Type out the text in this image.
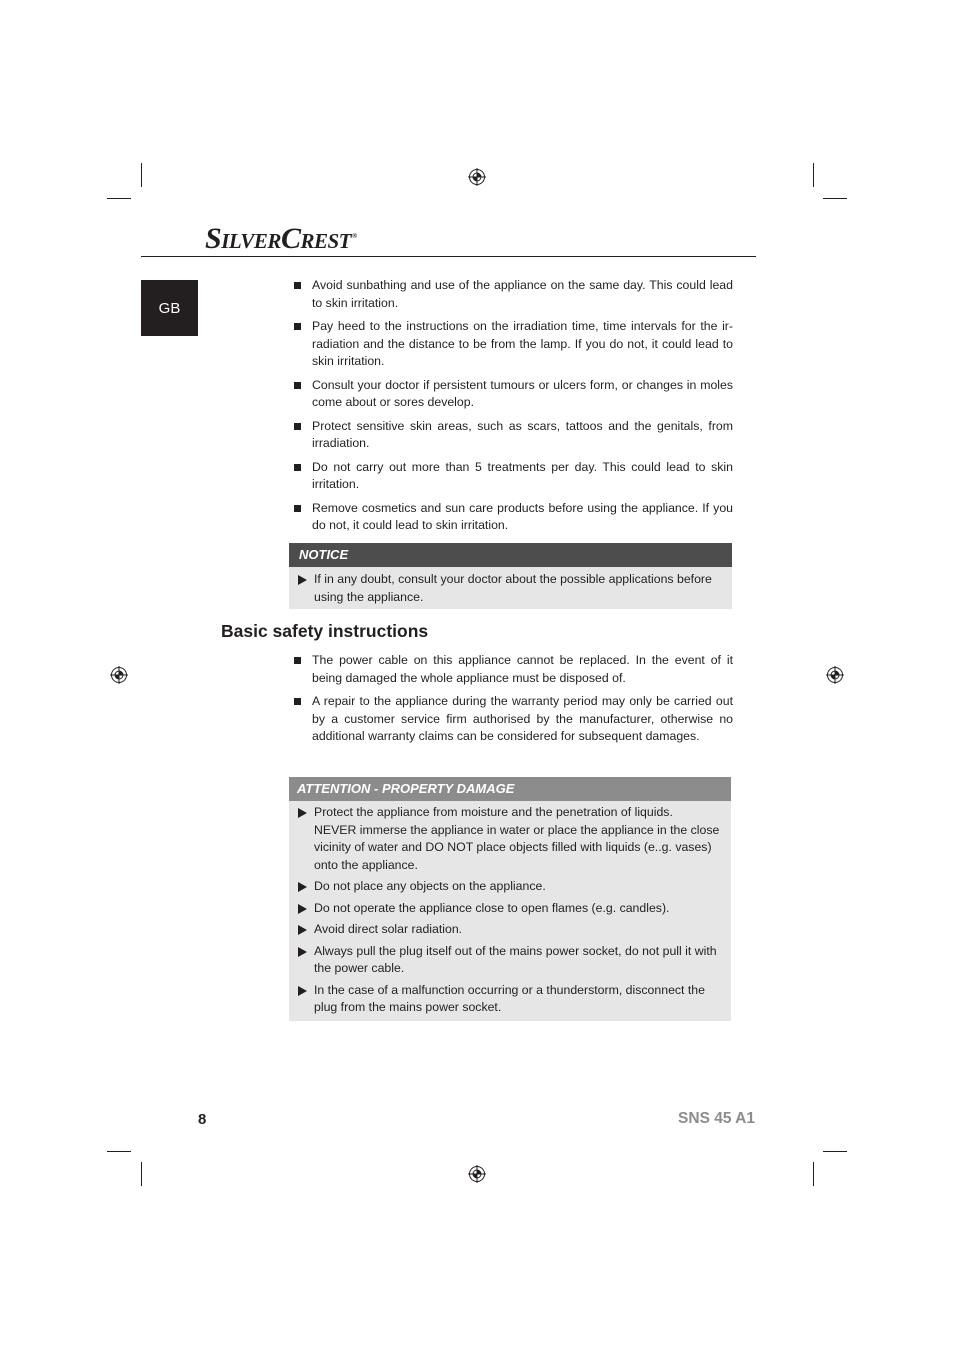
SILVERCREST®
GB
Avoid sunbathing and use of the appliance on the same day. This could lead to skin irritation.
Pay heed to the instructions on the irradiation time, time intervals for the ir-radiation and the distance to be from the lamp. If you do not, it could lead to skin irritation.
Consult your doctor if persistent tumours or ulcers form, or changes in moles come about or sores develop.
Protect sensitive skin areas, such as scars, tattoos and the genitals, from irradiation.
Do not carry out more than 5 treatments per day. This could lead to skin irritation.
Remove cosmetics and sun care products before using the appliance. If you do not, it could lead to skin irritation.
NOTICE
If in any doubt, consult your doctor about the possible applications before using the appliance.
Basic safety instructions
The power cable on this appliance cannot be replaced. In the event of it being damaged the whole appliance must be disposed of.
A repair to the appliance during the warranty period may only be carried out by a customer service firm authorised by the manufacturer, otherwise no additional warranty claims can be considered for subsequent damages.
ATTENTION - PROPERTY DAMAGE
Protect the appliance from moisture and the penetration of liquids.
NEVER immerse the appliance in water or place the appliance in the close vicinity of water and DO NOT place objects filled with liquids (e..g. vases) onto the appliance.
Do not place any objects on the appliance.
Do not operate the appliance close to open flames (e.g. candles).
Avoid direct solar radiation.
Always pull the plug itself out of the mains power socket, do not pull it with the power cable.
In the case of a malfunction occurring or a thunderstorm, disconnect the plug from the mains power socket.
8	SNS 45 A1
